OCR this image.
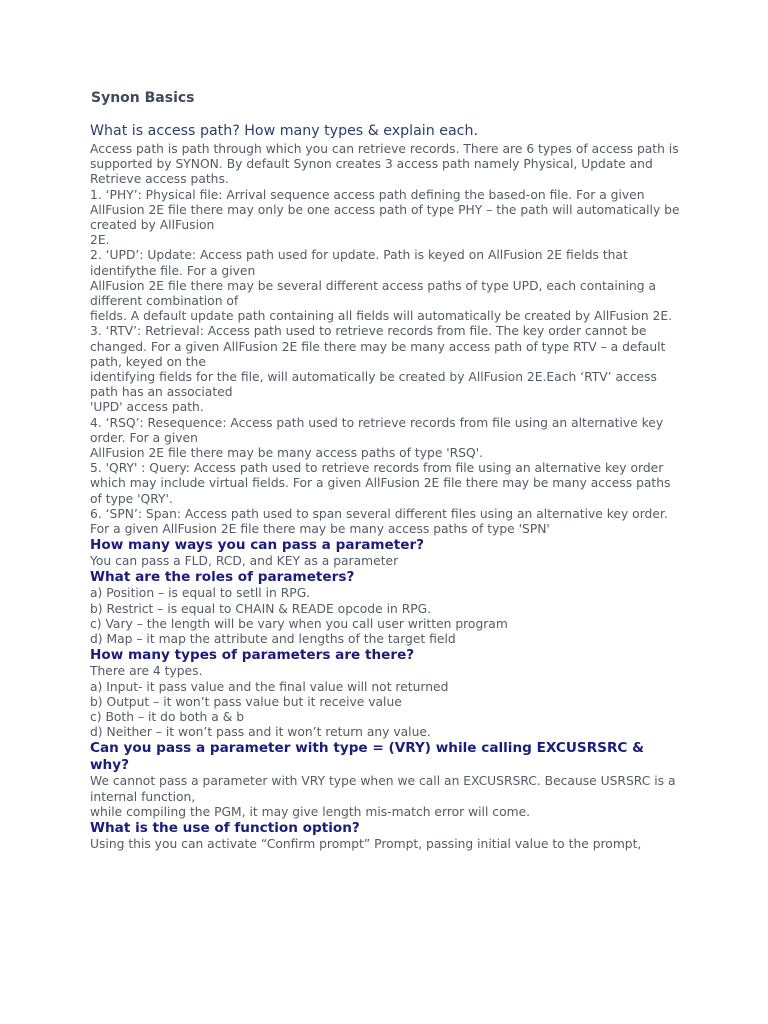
Synon Basics
What is access path? How many types & explain each.
Access path is path through which you can retrieve records. There are 6 types of access path is
supported by SYNON. By default Synon creates 3 access path namely Physical, Update and Retrieve access paths.
1. ‘PHY’: Physical file: Arrival sequence access path defining the based-on file. For a given AllFusion 2E file there may only be one access path of type PHY – the path will automatically be created by AllFusion
2E.
2. ‘UPD’: Update: Access path used for update. Path is keyed on AllFusion 2E fields that identifythe file. For a given
AllFusion 2E file there may be several different access paths of type UPD, each containing a different combination of
fields. A default update path containing all fields will automatically be created by AllFusion 2E.
3. ‘RTV’: Retrieval: Access path used to retrieve records from file. The key order cannot be changed. For a given AllFusion 2E file there may be many access path of type RTV – a default path, keyed on the
identifying fields for the file, will automatically be created by AllFusion 2E.Each ‘RTV’ access path has an associated
'UPD' access path.
4. ‘RSQ’: Resequence: Access path used to retrieve records from file using an alternative key order. For a given
AllFusion 2E file there may be many access paths of type 'RSQ'.
5. 'QRY' : Query: Access path used to retrieve records from file using an alternative key order which may include virtual fields. For a given AllFusion 2E file there may be many access paths of type 'QRY'.
6. ‘SPN’: Span: Access path used to span several different files using an alternative key order.
For a given AllFusion 2E file there may be many access paths of type 'SPN'
How many ways you can pass a parameter?
You can pass a FLD, RCD, and KEY as a parameter
What are the roles of parameters?
a) Position – is equal to setll in RPG.
b) Restrict – is equal to CHAIN & READE opcode in RPG.
c) Vary – the length will be vary when you call user written program
d) Map – it map the attribute and lengths of the target field
How many types of parameters are there?
There are 4 types.
a) Input- it pass value and the final value will not returned
b) Output – it won’t pass value but it receive value
c) Both – it do both a & b
d) Neither – it won’t pass and it won’t return any value.
Can you pass a parameter with type = (VRY) while calling EXCUSRSRC & why?
We cannot pass a parameter with VRY type when we call an EXCUSRSRC. Because USRSRC is a internal function,
while compiling the PGM, it may give length mis-match error will come.
What is the use of function option?
Using this you can activate “Confirm prompt” Prompt, passing initial value to the prompt,
